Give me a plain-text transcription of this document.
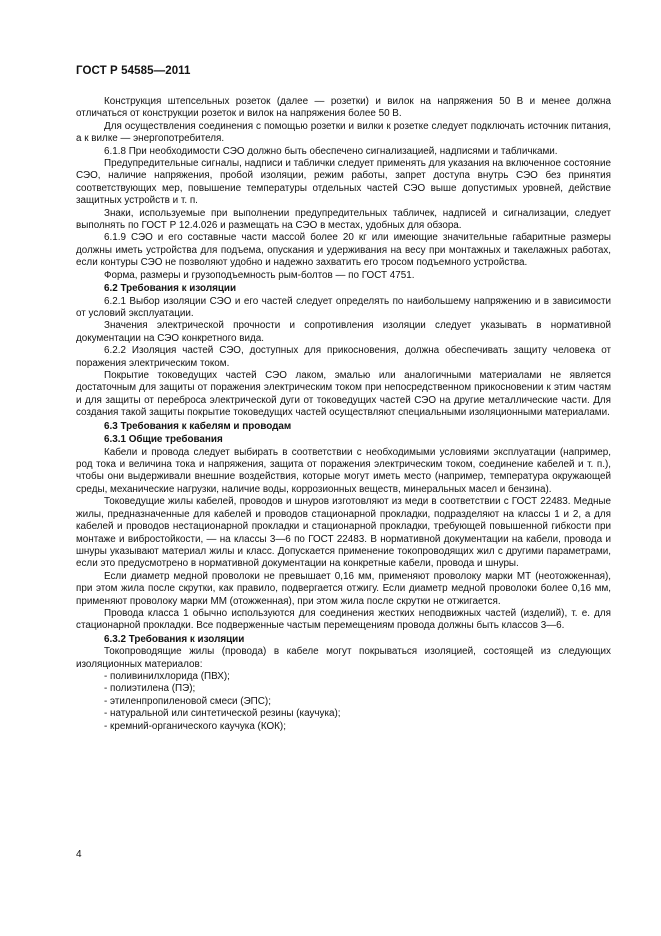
ГОСТ Р 54585—2011

Конструкция штепсельных розеток (далее — розетки) и вилок на напряжения 50 В и менее должна отличаться от конструкции розеток и вилок на напряжения более 50 В.

Для осуществления соединения с помощью розетки и вилки к розетке следует подключать источник питания, а к вилке — энергопотребителя.

6.1.8 При необходимости СЭО должно быть обеспечено сигнализацией, надписями и табличками.

Предупредительные сигналы, надписи и таблички следует применять для указания на включенное состояние СЭО, наличие напряжения, пробой изоляции, режим работы, запрет доступа внутрь СЭО без принятия соответствующих мер, повышение температуры отдельных частей СЭО выше допустимых уровней, действие защитных устройств и т. п.

Знаки, используемые при выполнении предупредительных табличек, надписей и сигнализации, следует выполнять по ГОСТ Р 12.4.026 и размещать на СЭО в местах, удобных для обзора.

6.1.9 СЭО и его составные части массой более 20 кг или имеющие значительные габаритные размеры должны иметь устройства для подъема, опускания и удерживания на весу при монтажных и такелажных работах, если контуры СЭО не позволяют удобно и надежно захватить его тросом подъемного устройства.

Форма, размеры и грузоподъемность рым-болтов — по ГОСТ 4751.

6.2 Требования к изоляции

6.2.1 Выбор изоляции СЭО и его частей следует определять по наибольшему напряжению и в зависимости от условий эксплуатации.

Значения электрической прочности и сопротивления изоляции следует указывать в нормативной документации на СЭО конкретного вида.

6.2.2 Изоляция частей СЭО, доступных для прикосновения, должна обеспечивать защиту человека от поражения электрическим током.

Покрытие токоведущих частей СЭО лаком, эмалью или аналогичными материалами не является достаточным для защиты от поражения электрическим током при непосредственном прикосновении к этим частям и для защиты от переброса электрической дуги от токоведущих частей СЭО на другие металлические части. Для создания такой защиты покрытие токоведущих частей осуществляют специальными изоляционными материалами.

6.3 Требования к кабелям и проводам

6.3.1 Общие требования

Кабели и провода следует выбирать в соответствии с необходимыми условиями эксплуатации (например, род тока и величина тока и напряжения, защита от поражения электрическим током, соединение кабелей и т. п.), чтобы они выдерживали внешние воздействия, которые могут иметь место (например, температура окружающей среды, механические нагрузки, наличие воды, коррозионных веществ, минеральных масел и бензина).

Токоведущие жилы кабелей, проводов и шнуров изготовляют из меди в соответствии с ГОСТ 22483. Медные жилы, предназначенные для кабелей и проводов стационарной прокладки, подразделяют на классы 1 и 2, а для кабелей и проводов нестационарной прокладки и стационарной прокладки, требующей повышенной гибкости при монтаже и вибростойкости, — на классы 3—6 по ГОСТ 22483. В нормативной документации на кабели, провода и шнуры указывают материал жилы и класс. Допускается применение токопроводящих жил с другими параметрами, если это предусмотрено в нормативной документации на конкретные кабели, провода и шнуры.

Если диаметр медной проволоки не превышает 0,16 мм, применяют проволоку марки МТ (неотожженная), при этом жила после скрутки, как правило, подвергается отжигу. Если диаметр медной проволоки более 0,16 мм, применяют проволоку марки ММ (отожженная), при этом жила после скрутки не отжигается.

Провода класса 1 обычно используются для соединения жестких неподвижных частей (изделий), т. е. для стационарной прокладки. Все подверженные частым перемещениям провода должны быть классов 3—6.

6.3.2 Требования к изоляции

Токопроводящие жилы (провода) в кабеле могут покрываться изоляцией, состоящей из следующих изоляционных материалов:

- поливинилхлорида (ПВХ);
- полиэтилена (ПЭ);
- этиленпропиленовой смеси (ЭПС);
- натуральной или синтетической резины (каучука);
- кремний-органического каучука (КОК);
4
